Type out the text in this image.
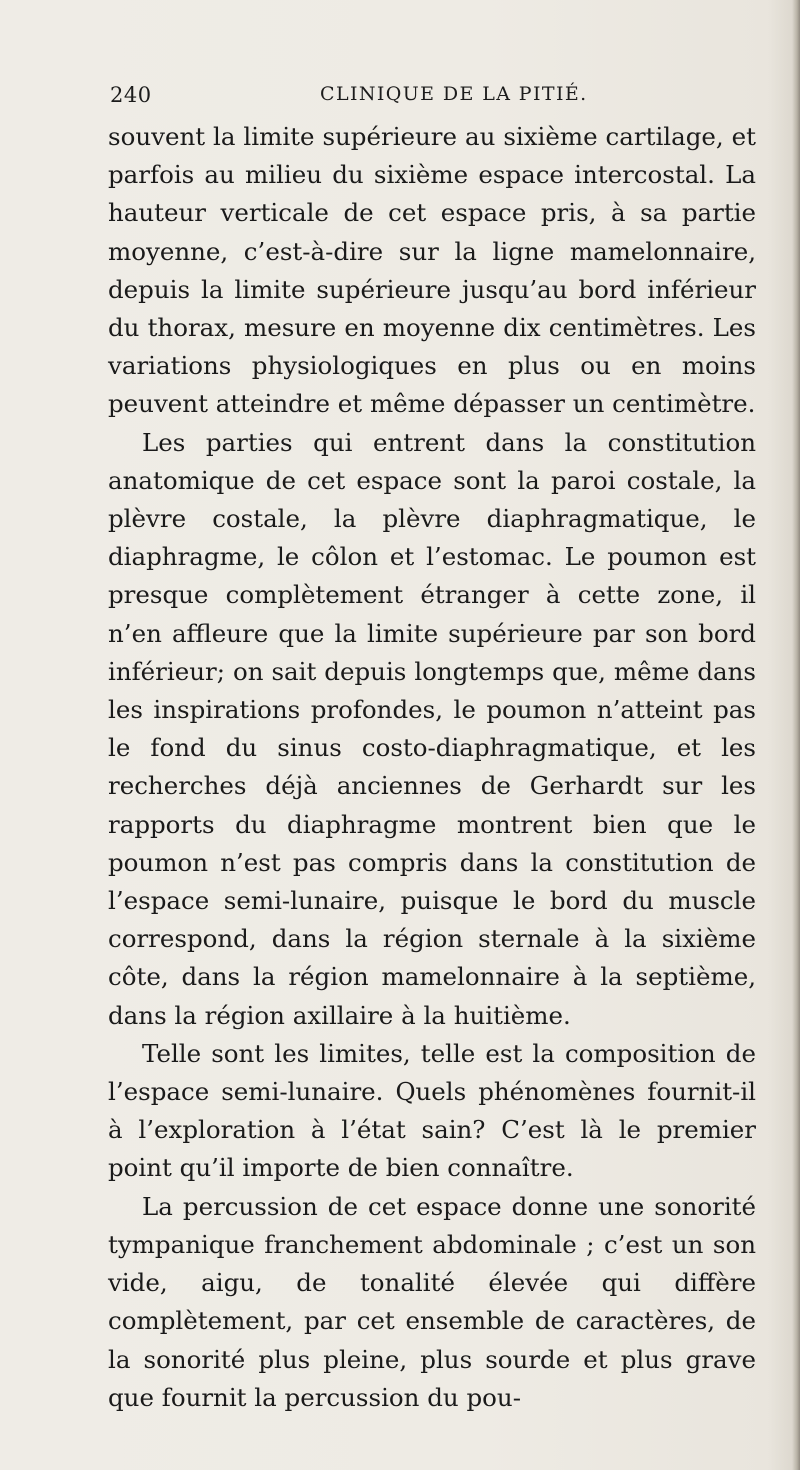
240	CLINIQUE DE LA PITIÉ.

souvent la limite supérieure au sixième cartilage, et parfois au milieu du sixième espace intercostal. La hauteur verticale de cet espace pris, à sa partie moyenne, c’est-à-dire sur la ligne mamelonnaire, depuis la limite supérieure jusqu’au bord inférieur du thorax, mesure en moyenne dix centimètres. Les variations physiologiques en plus ou en moins peuvent atteindre et même dépasser un centimètre.

Les parties qui entrent dans la constitution anatomique de cet espace sont la paroi costale, la plèvre costale, la plèvre diaphragmatique, le diaphragme, le côlon et l’estomac. Le poumon est presque complètement étranger à cette zone, il n’en affleure que la limite supérieure par son bord inférieur; on sait depuis longtemps que, même dans les inspirations profondes, le poumon n’atteint pas le fond du sinus costo-diaphragmatique, et les recherches déjà anciennes de Gerhardt sur les rapports du diaphragme montrent bien que le poumon n’est pas compris dans la constitution de l’espace semi-lunaire, puisque le bord du muscle correspond, dans la région sternale à la sixième côte, dans la région mamelonnaire à la septième, dans la région axillaire à la huitième.

Telle sont les limites, telle est la composition de l’espace semi-lunaire. Quels phénomènes fournit-il à l’exploration à l’état sain? C’est là le premier point qu’il importe de bien connaître.

La percussion de cet espace donne une sonorité tympanique franchement abdominale ; c’est un son vide, aigu, de tonalité élevée qui diffère complètement, par cet ensemble de caractères, de la sonorité plus pleine, plus sourde et plus grave que fournit la percussion du pou-
